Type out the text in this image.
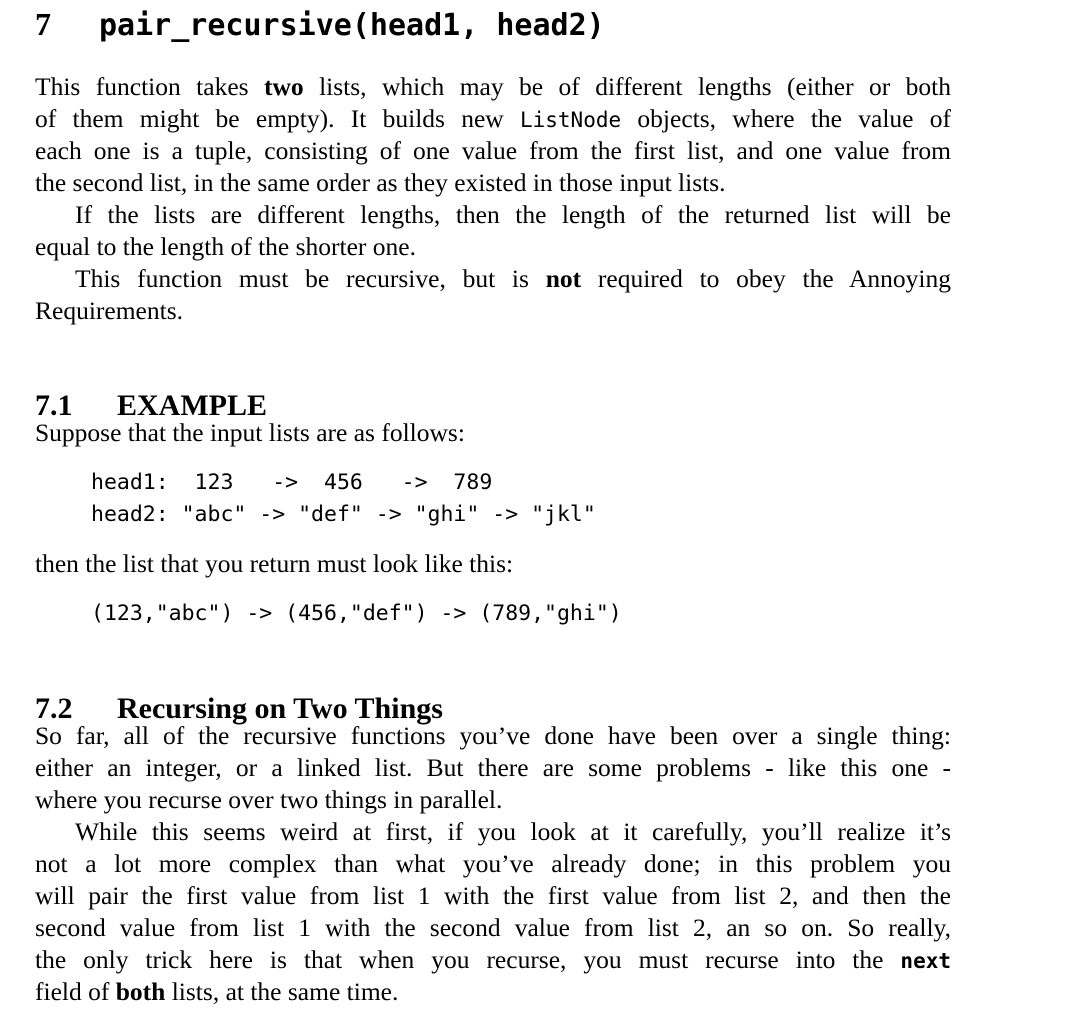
7	pair_recursive(head1, head2)
This function takes two lists, which may be of different lengths (either or both
of them might be empty). It builds new ListNode objects, where the value of
each one is a tuple, consisting of one value from the first list, and one value from
the second list, in the same order as they existed in those input lists.
If the lists are different lengths, then the length of the returned list will be
equal to the length of the shorter one.
This function must be recursive, but is not required to obey the Annoying
Requirements.
7.1 EXAMPLE
Suppose that the input lists are as follows:
head1:  123   ->  456   ->  789
head2: "abc" -> "def" -> "ghi" -> "jkl"
then the list that you return must look like this:
(123,"abc") -> (456,"def") -> (789,"ghi")
7.2 Recursing on Two Things
So far, all of the recursive functions you’ve done have been over a single thing:
either an integer, or a linked list. But there are some problems - like this one -
where you recurse over two things in parallel.
While this seems weird at first, if you look at it carefully, you’ll realize it’s
not a lot more complex than what you’ve already done; in this problem you
will pair the first value from list 1 with the first value from list 2, and then the
second value from list 1 with the second value from list 2, an so on. So really,
the only trick here is that when you recurse, you must recurse into the next
field of both lists, at the same time.
